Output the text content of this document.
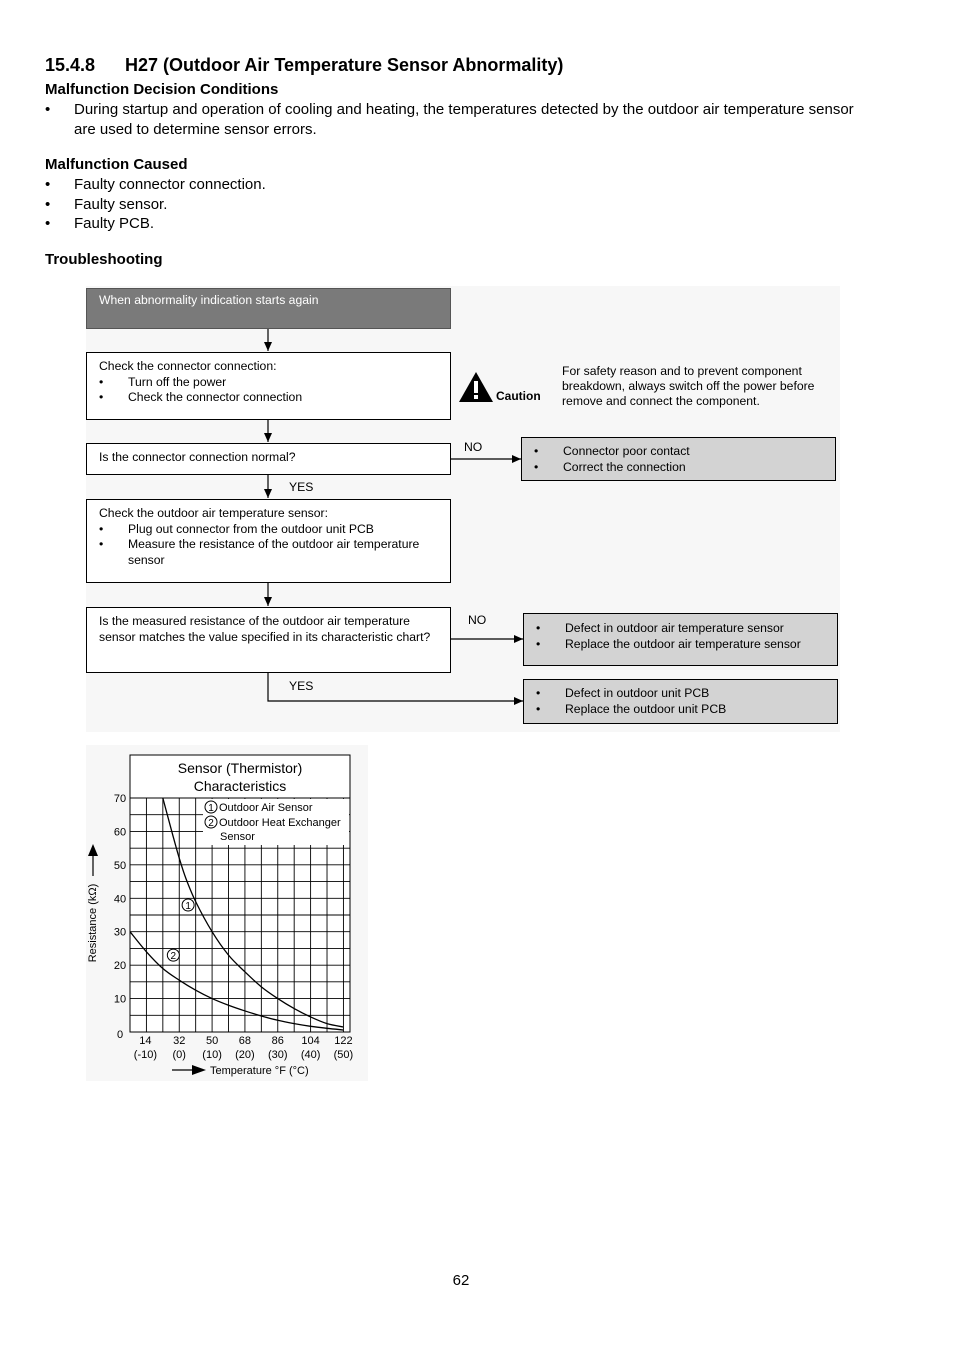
15.4.8 H27 (Outdoor Air Temperature Sensor Abnormality)
Malfunction Decision Conditions
• During startup and operation of cooling and heating, the temperatures detected by the outdoor air temperature sensor are used to determine sensor errors.
Malfunction Caused
• Faulty connector connection.
• Faulty sensor.
• Faulty PCB.
Troubleshooting
When abnormality indication starts again
Check the connector connection:
• Turn off the power
• Check the connector connection	Caution
For safety reason and to prevent component breakdown, always switch off the power before remove and connect the component.
Is the connector connection normal?
NO
YES
• Connector poor contact
• Correct the connection
Check the outdoor air temperature sensor:
• Plug out connector from the outdoor unit PCB
• Measure the resistance of the outdoor air temperature sensor
Is the measured resistance of the outdoor air temperature sensor matches the value specified in its characteristic chart?
NO
YES
• Defect in outdoor air temperature sensor
• Replace the outdoor air temperature sensor
• Defect in outdoor unit PCB
• Replace the outdoor unit PCB
Sensor (Thermistor)
Characteristics
1
2
1 Outdoor Air Sensor
2 Outdoor Heat Exchanger
Sensor
0
10
20
30
40
50
60
70
14
(-10)
32
(0)
50
(10)
68
(20)
86
(30)
104
(40)
122
(50)
Resistance (kΩ)
Temperature °F (°C)
62
